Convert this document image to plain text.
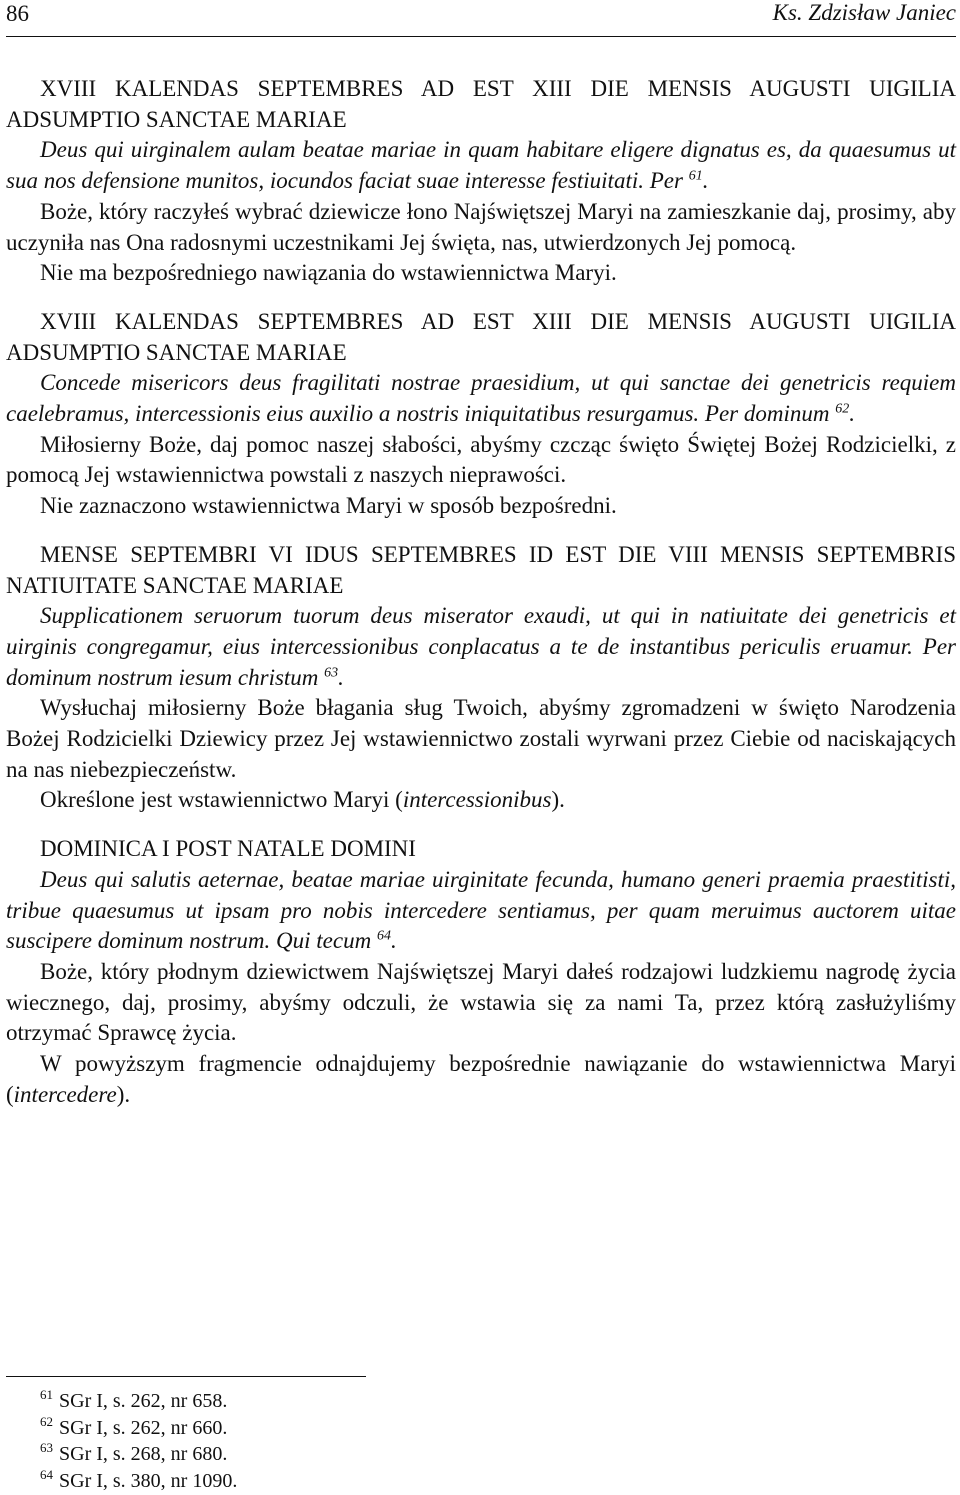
86	Ks. Zdzisław Janiec

XVIII KALENDAS SEPTEMBRES AD EST XIII DIE MENSIS AUGUSTI UIGILIA ADSUMPTIO SANCTAE MARIAE

Deus qui uirginalem aulam beatae mariae in quam habitare eligere dignatus es, da quaesumus ut sua nos defensione munitos, iocundos faciat suae interesse festiuitati. Per $^{61}$.

Boże, który raczyłeś wybrać dziewicze łono Najświętszej Maryi na zamieszkanie daj, prosimy, aby uczyniła nas Ona radosnymi uczestnikami Jej święta, nas, utwierdzonych Jej pomocą.

Nie ma bezpośredniego nawiązania do wstawiennictwa Maryi.

XVIII KALENDAS SEPTEMBRES AD EST XIII DIE MENSIS AUGUSTI UIGILIA ADSUMPTIO SANCTAE MARIAE

Concede misericors deus fragilitati nostrae praesidium, ut qui sanctae dei genetricis requiem caelebramus, intercessionis eius auxilio a nostris iniquitatibus resurgamus. Per dominum $^{62}$.

Miłosierny Boże, daj pomoc naszej słabości, abyśmy czcząc święto Świętej Bożej Rodzicielki, z pomocą Jej wstawiennictwa powstali z naszych nieprawości.

Nie zaznaczono wstawiennictwa Maryi w sposób bezpośredni.

MENSE SEPTEMBRI VI IDUS SEPTEMBRES ID EST DIE VIII MENSIS SEPTEMBRIS NATIUITATE SANCTAE MARIAE

Supplicationem seruorum tuorum deus miserator exaudi, ut qui in natiuitate dei genetricis et uirginis congregamur, eius intercessionibus conplacatus a te de instantibus periculis eruamur. Per dominum nostrum iesum christum $^{63}$.

Wysłuchaj miłosierny Boże błagania sług Twoich, abyśmy zgromadzeni w święto Narodzenia Bożej Rodzicielki Dziewicy przez Jej wstawiennictwo zostali wyrwani przez Ciebie od naciskających na nas niebezpieczeństw.

Określone jest wstawiennictwo Maryi (intercessionibus).

DOMINICA I POST NATALE DOMINI

Deus qui salutis aeternae, beatae mariae uirginitate fecunda, humano generi praemia praestitisti, tribue quaesumus ut ipsam pro nobis intercedere sentiamus, per quam meruimus auctorem uitae suscipere dominum nostrum. Qui tecum $^{64}$.

Boże, który płodnym dziewictwem Najświętszej Maryi dałeś rodzajowi ludzkiemu nagrodę życia wiecznego, daj, prosimy, abyśmy odczuli, że wstawia się za nami Ta, przez którą zasłużyliśmy otrzymać Sprawcę życia.

W powyższym fragmencie odnajdujemy bezpośrednie nawiązanie do wstawiennictwa Maryi (intercedere).

$^{61}$ SGr I, s. 262, nr 658.
$^{62}$ SGr I, s. 262, nr 660.
$^{63}$ SGr I, s. 268, nr 680.
$^{64}$ SGr I, s. 380, nr 1090.
